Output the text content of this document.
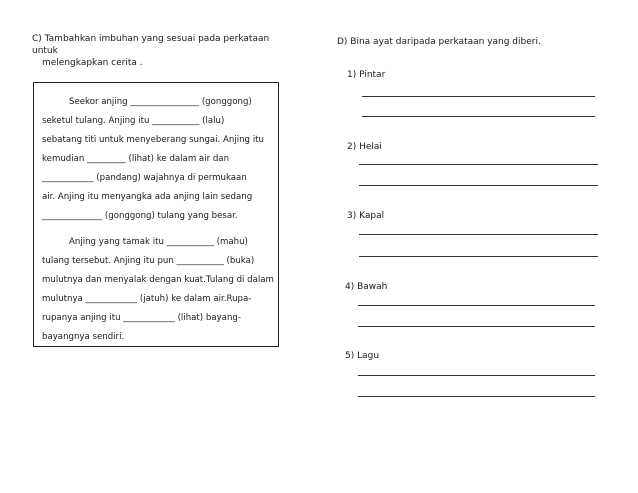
C) Tambahkan imbuhan yang sesuai pada perkataan untuk
melengkapkan cerita .
Seekor anjing ________________ (gonggong)
seketul tulang. Anjing itu ___________ (lalu)
sebatang titi untuk menyeberang sungai. Anjing itu
kemudian _________ (lihat) ke dalam air dan
____________ (pandang) wajahnya di permukaan
air. Anjing itu menyangka ada anjing lain sedang
______________ (gonggong) tulang yang besar.
Anjing yang tamak itu ___________ (mahu)
tulang tersebut. Anjing itu pun ___________ (buka)
mulutnya dan menyalak dengan kuat.Tulang di dalam
mulutnya ____________ (jatuh) ke dalam air.Rupa-
rupanya anjing itu ____________ (lihat) bayang-
bayangnya sendiri.
D) Bina ayat daripada perkataan yang diberi.
1) Pintar
2) Helai
3) Kapal
4) Bawah
5) Lagu
